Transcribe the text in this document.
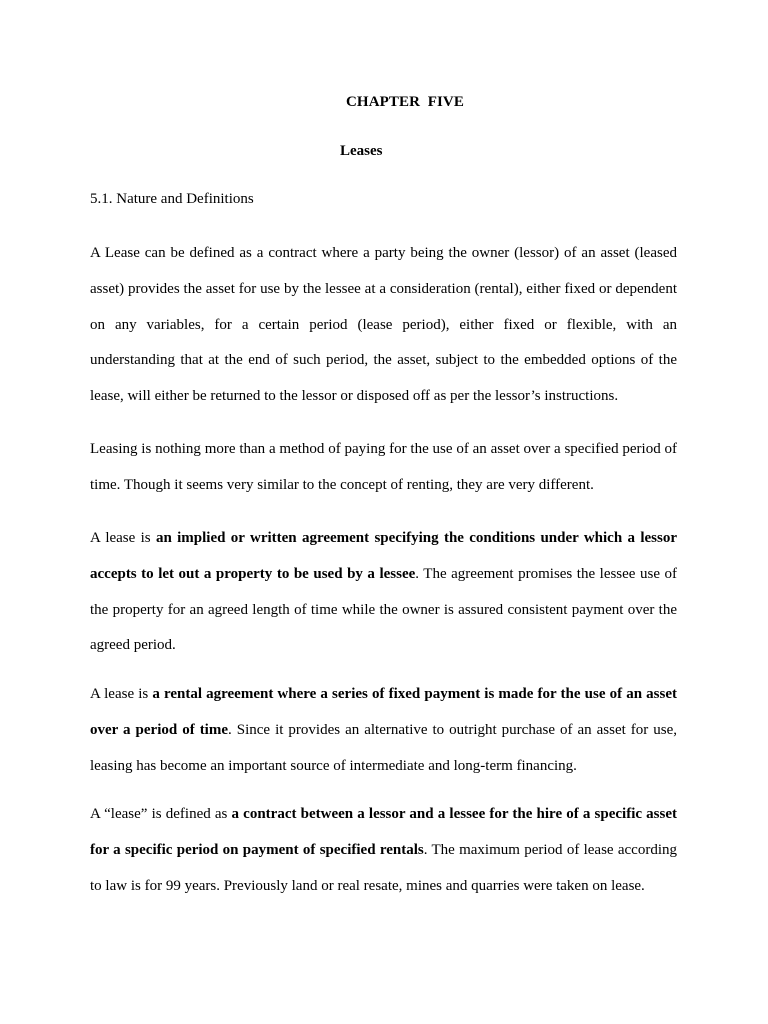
CHAPTER  FIVE
Leases
5.1. Nature and Definitions

A Lease can be defined as a contract where a party being the owner (lessor) of an asset (leased asset) provides the asset for use by the lessee at a consideration (rental), either fixed or dependent on any variables, for a certain period (lease period), either fixed or flexible, with an understanding that at the end of such period, the asset, subject to the embedded options of the lease, will either be returned to the lessor or disposed off as per the lessor’s instructions.

Leasing is nothing more than a method of paying for the use of an asset over a specified period of time. Though it seems very similar to the concept of renting, they are very different.

A lease is an implied or written agreement specifying the conditions under which a lessor accepts to let out a property to be used by a lessee. The agreement promises the lessee use of the property for an agreed length of time while the owner is assured consistent payment over the agreed period.

A lease is a rental agreement where a series of fixed payment is made for the use of an asset over a period of time. Since it provides an alternative to outright purchase of an asset for use, leasing has become an important source of intermediate and long-term financing.

A “lease” is defined as a contract between a lessor and a lessee for the hire of a specific asset for a specific period on payment of specified rentals. The maximum period of lease according to law is for 99 years. Previously land or real resate, mines and quarries were taken on lease.
